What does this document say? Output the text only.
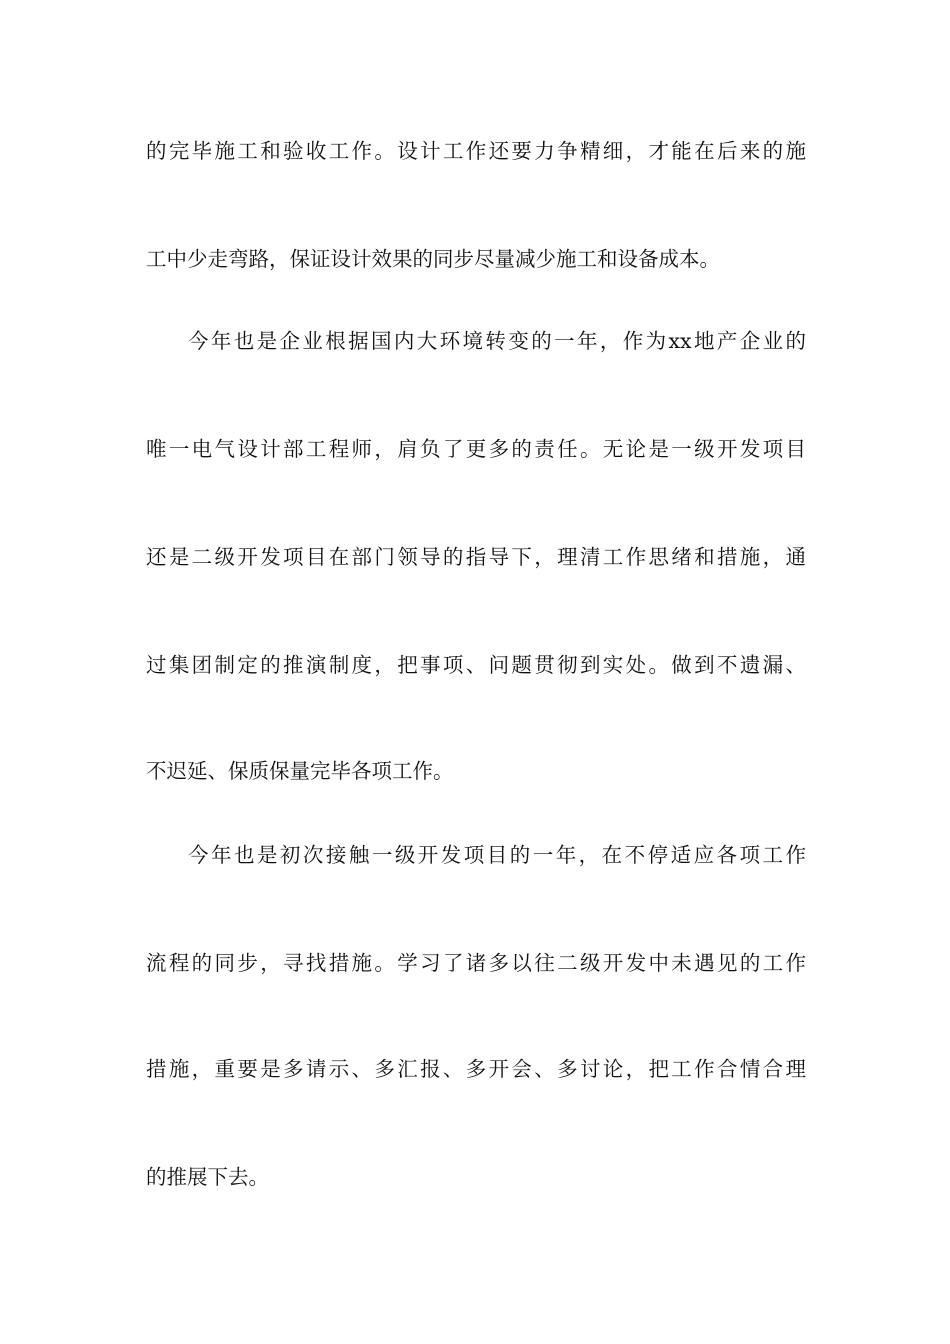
的完毕施工和验收工作。设计工作还要力争精细，才能在后来的施
工中少走弯路，保证设计效果的同步尽量减少施工和设备成本。
今年也是企业根据国内大环境转变的一年，作为xx地产企业的
唯一电气设计部工程师，肩负了更多的责任。无论是一级开发项目
还是二级开发项目在部门领导的指导下，理清工作思绪和措施，通
过集团制定的推演制度，把事项、问题贯彻到实处。做到不遗漏、
不迟延、保质保量完毕各项工作。
今年也是初次接触一级开发项目的一年，在不停适应各项工作
流程的同步，寻找措施。学习了诸多以往二级开发中未遇见的工作
措施，重要是多请示、多汇报、多开会、多讨论，把工作合情合理
的推展下去。
